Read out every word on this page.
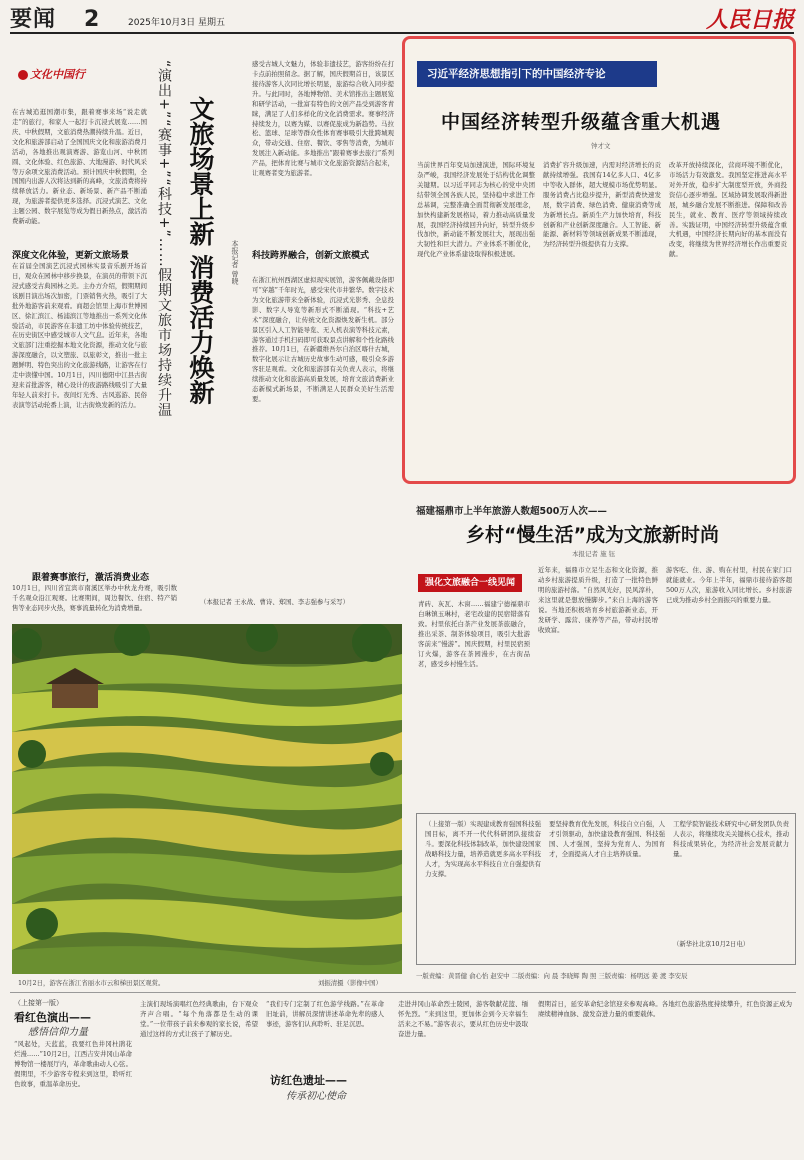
要闻 2	2025年10月3日 星期五	人民日报
文化中国行
在古城追逛国潮市集，跟着赛事来场“说走就走”的旅行，和家人一起打卡沉浸式展览……国庆、中秋假期，文旅消费热潮持续升温。近日，文化和旅游部启动了全国国庆文化和旅游消费月活动，各地推出观演赛游、游览山河、中秋团圆、文化体验、红色旅游、大地漫游、时代风采等万余项文旅消费活动。预计国庆中秋假期，全国国内出游人次将达到新的高峰，文旅消费将持续释放活力。新业态、新场景、新产品不断涌现，为旅游者提供更多选择。沉浸式演艺、文化主题公园、数字展览等成为假日新热点，激活消费新动能。
深度文化体验，更新文旅场景
在首届全国演艺沉浸式园林实景音乐剧开场首日，观众在园林中移步换景，在演员的带领下沉浸式感受古典园林之美。主办方介绍，假期期间该剧目演出场次加密，门票销售火热，吸引了大批外地游客前来观看。商超会馆里上海市世博园区、徐汇滨江、杨浦滨江等地推出一系列文化体验活动，市民游客在非遗工坊中体验传统技艺，在历史街区中感受城市人文气息。近年来，各地文旅部门注重挖掘本地文化资源，推动文化与旅游深度融合，以文塑旅、以旅彰文，推出一批主题鲜明、特色突出的文化旅游线路，让游客在行走中读懂中国。10月1日，四川德阳中江县古街迎来首批游客，精心设计的夜游路线吸引了大量年轻人前来打卡。夜间灯光秀、古风巡游、民俗表演等活动轮番上演，让古街焕发新的活力。
跟着赛事旅行，激活消费业态
10月1日，四川省宜宾市南溪区举办中秋龙舟赛，吸引数千名观众沿江观赛。比赛期间，周边餐饮、住宿、特产销售等业态同步火热，赛事流量转化为消费增量。
“演出+”“赛事+”“科技+”……假期文旅市场持续升温 文旅场景上新 消费活力焕新 本报记者 曾晓
感受古城人文魅力，体验非遗技艺，游客纷纷在打卡点前拍照留念。据了解，国庆假期首日，该景区接待游客人次同比增长明显，旅游综合收入同步提升。与此同时，各地博物馆、美术馆推出主题展览和研学活动，一批富有特色的文创产品受到游客青睐，满足了人们多样化的文化消费需求。赛事经济持续发力，以赛为媒、以赛促旅成为新趋势。马拉松、篮球、足球等群众性体育赛事吸引大批跨城观众，带动交通、住宿、餐饮、零售等消费，为城市发展注入新动能。多地推出“跟着赛事去旅行”系列产品，把体育比赛与城市文化旅游资源结合起来，让观赛者变为旅游者。
科技跨界融合，创新文旅模式
在浙江杭州西湖区虚拟现实展馆，游客佩戴设备即可“穿越”千年时光，感受宋代市井繁华。数字技术为文化旅游带来全新体验，沉浸式光影秀、全息投影、数字人导览等新形式不断涌现。“科技+艺术”深度融合，让传统文化资源焕发新生机。部分景区引入人工智能导览、无人机表演等科技元素，游客通过手机扫码即可获取景点讲解和个性化路线推荐。10月1日，在新疆维吾尔自治区喀什古城，数字化展示让古城历史故事生动可感，吸引众多游客驻足观看。文化和旅游部有关负责人表示，将继续推动文化和旅游高质量发展，培育文旅消费新业态新模式新场景，不断满足人民群众美好生活需要。
（本报记者 王永战、曹诗、郑国、李志强参与采写）
习近平经济思想指引下的中国经济专论
中国经济转型升级蕴含重大机遇
钟才文
当前世界百年变局加速演进，国际环境复杂严峻，我国经济发展处于结构优化调整关键期。以习近平同志为核心的党中央团结带领全国各族人民，坚持稳中求进工作总基调，完整准确全面贯彻新发展理念，加快构建新发展格局，着力推动高质量发展，我国经济持续回升向好，转型升级步伐加快，新动能不断发展壮大，展现出强大韧性和巨大潜力。产业体系不断优化，现代化产业体系建设取得积极进展。
消费扩容升级加速，内需对经济增长的贡献持续增强。我国有14亿多人口、4亿多中等收入群体，超大规模市场优势明显。服务消费占比稳步提升，新型消费快速发展，数字消费、绿色消费、健康消费等成为新增长点。新质生产力加快培育，科技创新和产业创新深度融合。人工智能、新能源、新材料等领域创新成果不断涌现，为经济转型升级提供有力支撑。
改革开放持续深化，营商环境不断优化，市场活力有效激发。我国坚定推进高水平对外开放，稳步扩大制度型开放，外商投资信心逐步增强。区域协调发展取得新进展，城乡融合发展不断推进。保障和改善民生，就业、教育、医疗等领域持续改善。实践证明，中国经济转型升级蕴含重大机遇，中国经济长期向好的基本面没有改变，将继续为世界经济增长作出重要贡献。
福建福鼎市上半年旅游人数超500万人次——
乡村“慢生活”成为文旅新时尚
本报记者 施 钰
强化文旅融合一线见闻
青砖、灰瓦、木窗……福建宁德福鼎市白琳镇玉琳村，老宅改建的民宿错落有致。村里依托白茶产业发展茶旅融合，推出采茶、制茶体验项目，吸引大批游客前来“慢游”。国庆假期，村里民宿预订火爆，游客在茶园漫步，在古街品茗，感受乡村慢生活。
近年来，福鼎市立足生态和文化资源，推动乡村旅游提质升级，打造了一批特色鲜明的旅游村落。“自然风光好，民风淳朴，来这里就是想放慢脚步。”来自上海的游客说。当地还积极培育乡村旅游新业态，开发研学、露营、康养等产品，带动村民增收致富。
游客吃、住、游、购在村里，村民在家门口就能就业。今年上半年，福鼎市接待游客超500万人次，旅游收入同比增长。乡村旅游已成为推动乡村全面振兴的重要力量。
10月2日，游客在浙江省丽水市云和梯田景区观赏。	刘振清摄（影像中国）
（上接第一版）实现建成教育强国科技强国目标，离不开一代代科研团队接续奋斗。要深化科技体制改革，加快建设国家战略科技力量，培养造就更多高水平科技人才，为实现高水平科技自立自强提供有力支撑。
要坚持教育优先发展，科技自立自强，人才引领驱动，加快建设教育强国、科技强国、人才强国，坚持为党育人、为国育才，全面提高人才自主培养质量。
工程学院智能技术研究中心研发团队负责人表示，将继续攻关关键核心技术，推动科技成果转化，为经济社会发展贡献力量。
（新华社北京10月2日电）
一版责编：黄晋健 俞心怡 赵安中 二版责编：向 晨 李晓辉 陶 照 三版责编：杨明远 姜 渡 李安辰
（上接第一版）
看红色演出——
感悟信仰力量
“风起处，天蓝蓝，我要红色井冈杜鹃花烂漫……”10月2日，江西吉安井冈山革命博物馆一楼展厅内，革命歌曲动人心弦。假期里，不少游客专程来到这里，聆听红色故事，重温革命历史。
主演们现场演唱红色经典歌曲，台下观众齐声合唱。“每个角落都是生动的课堂。”一位带孩子前来参观的家长说，希望通过这样的方式让孩子了解历史。
“我们专门定制了红色游学线路。”在革命旧址前，讲解员深情讲述革命先辈的感人事迹，游客们认真聆听、驻足沉思。
访红色遗址——
传承初心使命
走进井冈山革命烈士陵园，游客敬献花篮、缅怀先烈。“来到这里，更加体会到今天幸福生活来之不易。”游客表示，要从红色历史中汲取奋进力量。
假期首日，延安革命纪念馆迎来参观高峰。各地红色旅游热度持续攀升，红色资源正成为赓续精神血脉、激发奋进力量的重要载体。
